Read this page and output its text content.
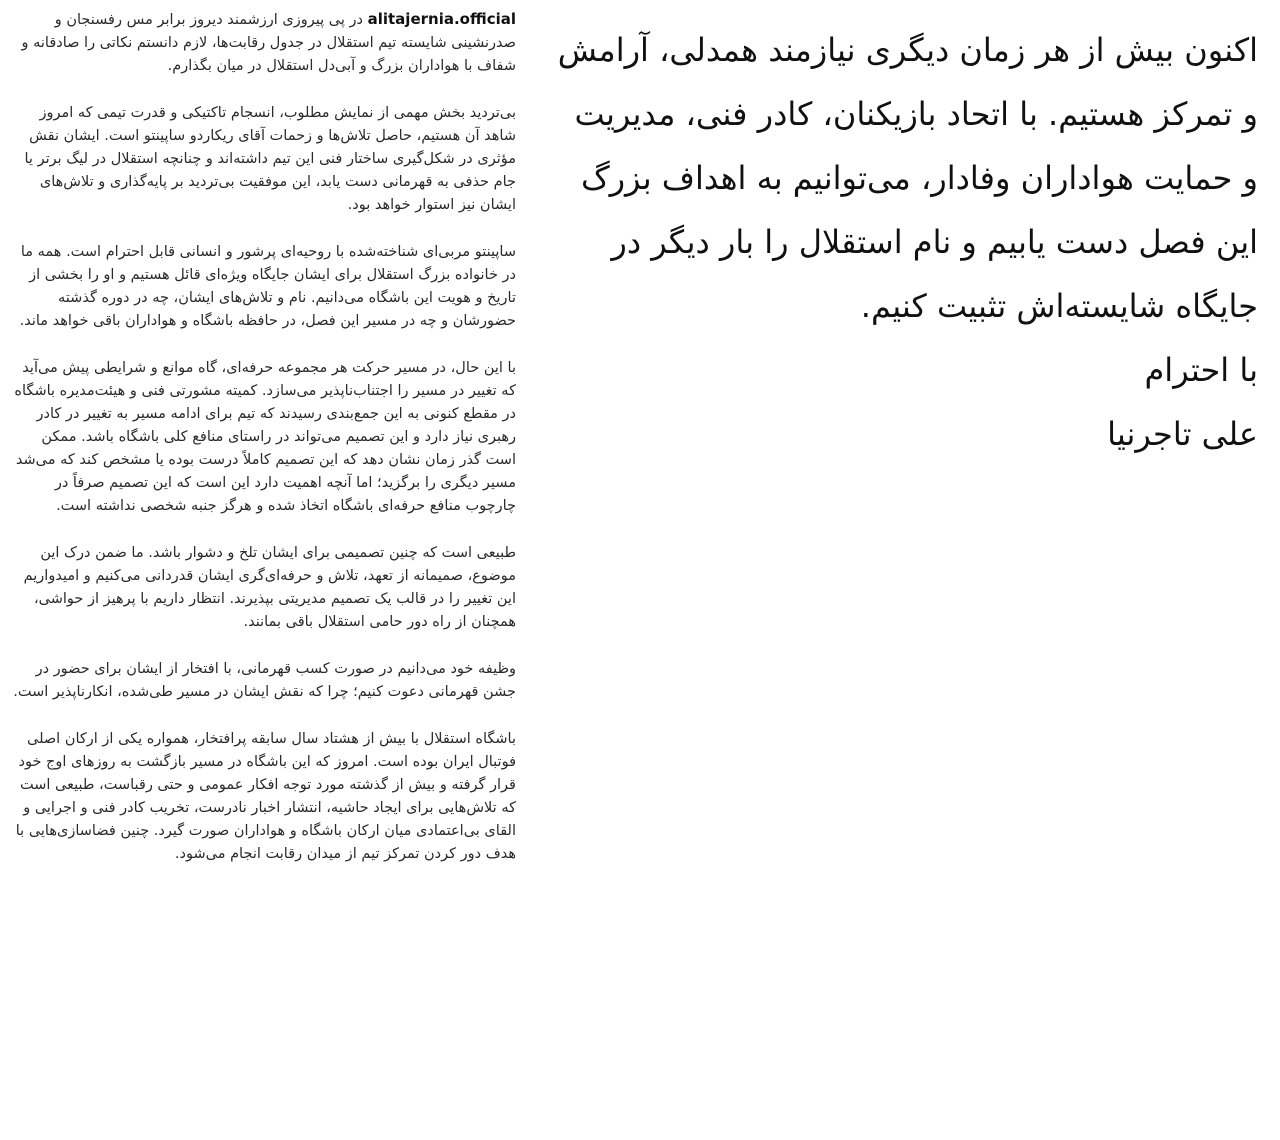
alitajernia.official در پی پیروزی ارزشمند دیروز برابر مس رفسنجان و صدرنشینی شایسته تیم استقلال در جدول رقابت‌ها، لازم دانستم نکاتی را صادقانه و شفاف با هواداران بزرگ و آبی‌دل استقلال در میان بگذارم.

بی‌تردید بخش مهمی از نمایش مطلوب، انسجام تاکتیکی و قدرت تیمی که امروز شاهد آن هستیم، حاصل تلاش‌ها و زحمات آقای ریکاردو ساپینتو است. ایشان نقش مؤثری در شکل‌گیری ساختار فنی این تیم داشته‌اند و چنانچه استقلال در لیگ برتر یا جام حذفی به قهرمانی دست یابد، این موفقیت بی‌تردید بر پایه‌گذاری و تلاش‌های ایشان نیز استوار خواهد بود.

ساپینتو مربی‌ای شناخته‌شده با روحیه‌ای پرشور و انسانی قابل احترام است. همه ما در خانواده بزرگ استقلال برای ایشان جایگاه ویژه‌ای قائل هستیم و او را بخشی از تاریخ و هویت این باشگاه می‌دانیم. نام و تلاش‌های ایشان، چه در دوره گذشته حضورشان و چه در مسیر این فصل، در حافظه باشگاه و هواداران باقی خواهد ماند.

با این حال، در مسیر حرکت هر مجموعه حرفه‌ای، گاه موانع و شرایطی پیش می‌آید که تغییر در مسیر را اجتناب‌ناپذیر می‌سازد. کمیته مشورتی فنی و هیئت‌مدیره باشگاه در مقطع کنونی به این جمع‌بندی رسیدند که تیم برای ادامه مسیر به تغییر در کادر رهبری نیاز دارد و این تصمیم می‌تواند در راستای منافع کلی باشگاه باشد. ممکن است گذر زمان نشان دهد که این تصمیم کاملاً درست بوده یا مشخص کند که می‌شد مسیر دیگری را برگزید؛ اما آنچه اهمیت دارد این است که این تصمیم صرفاً در چارچوب منافع حرفه‌ای باشگاه اتخاذ شده و هرگز جنبه شخصی نداشته است.

طبیعی است که چنین تصمیمی برای ایشان تلخ و دشوار باشد. ما ضمن درک این موضوع، صمیمانه از تعهد، تلاش و حرفه‌ای‌گری ایشان قدردانی می‌کنیم و امیدواریم این تغییر را در قالب یک تصمیم مدیریتی بپذیرند. انتظار داریم با پرهیز از حواشی، همچنان از راه دور حامی استقلال باقی بمانند.

وظیفه خود می‌دانیم در صورت کسب قهرمانی، با افتخار از ایشان برای حضور در جشن قهرمانی دعوت کنیم؛ چرا که نقش ایشان در مسیر طی‌شده، انکارناپذیر است.

باشگاه استقلال با بیش از هشتاد سال سابقه پرافتخار، همواره یکی از ارکان اصلی فوتبال ایران بوده است. امروز که این باشگاه در مسیر بازگشت به روزهای اوج خود قرار گرفته و بیش از گذشته مورد توجه افکار عمومی و حتی رقباست، طبیعی است که تلاش‌هایی برای ایجاد حاشیه، انتشار اخبار نادرست، تخریب کادر فنی و اجرایی و القای بی‌اعتمادی میان ارکان باشگاه و هواداران صورت گیرد. چنین فضاسازی‌هایی با هدف دور کردن تمرکز تیم از میدان رقابت انجام می‌شود.

اکنون بیش از هر زمان دیگری نیازمند همدلی، آرامش
و تمرکز هستیم. با اتحاد بازیکنان، کادر فنی، مدیریت
و حمایت هواداران وفادار، می‌توانیم به اهداف بزرگ
این فصل دست یابیم و نام استقلال را بار دیگر در
جایگاه شایسته‌اش تثبیت کنیم.
با احترام
علی تاجرنیا
